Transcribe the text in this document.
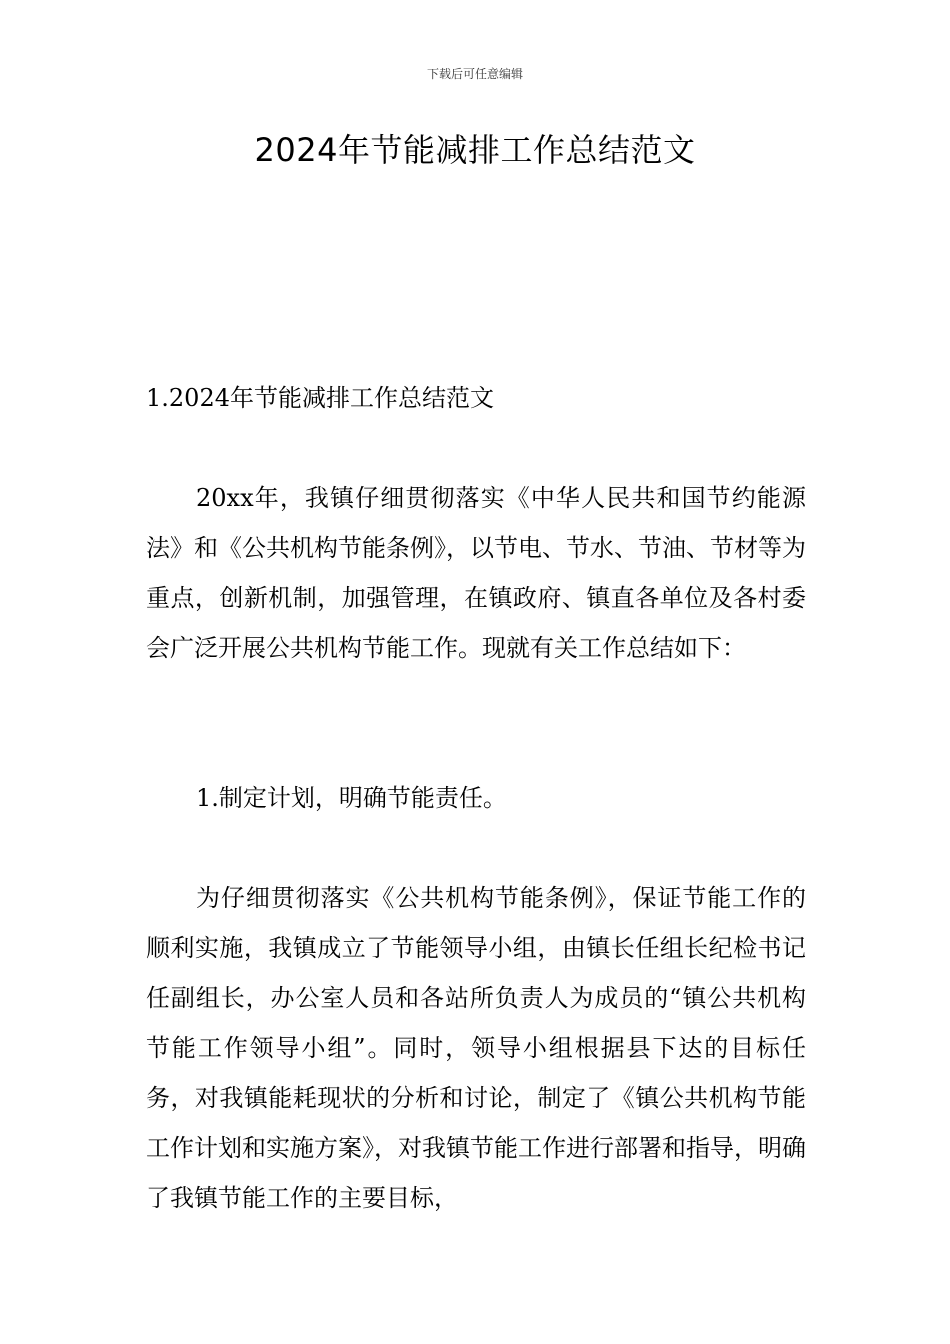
下载后可任意编辑
2024年节能减排工作总结范文

1.2024年节能减排工作总结范文

20xx年，我镇仔细贯彻落实《中华人民共和国节约能源法》和《公共机构节能条例》，以节电、节水、节油、节材等为重点，创新机制，加强管理，在镇政府、镇直各单位及各村委会广泛开展公共机构节能工作。现就有关工作总结如下：

1.制定计划，明确节能责任。

为仔细贯彻落实《公共机构节能条例》，保证节能工作的顺利实施，我镇成立了节能领导小组，由镇长任组长纪检书记任副组长，办公室人员和各站所负责人为成员的“镇公共机构节能工作领导小组”。同时，领导小组根据县下达的目标任务，对我镇能耗现状的分析和讨论，制定了《镇公共机构节能工作计划和实施方案》，对我镇节能工作进行部署和指导，明确了我镇节能工作的主要目标，
